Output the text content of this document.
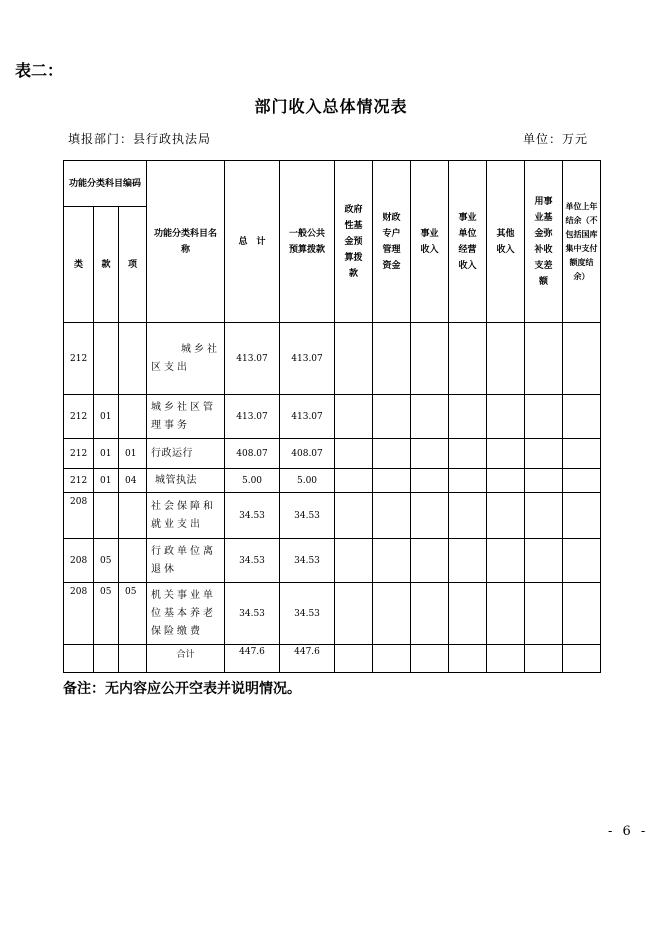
表二：
部门收入总体情况表
填报部门：县行政执法局	单位：万元
功能分类科目编码			功能分类科目名称	总　计	一般公共预算拨款	政府性基金预算拨款	财政专户管理资金	事业收入	事业单位经营收入	其他收入	用事业基金弥补收支差额	单位上年结余（不包括国库集中支付额度结余）
类	款	项										
212			城乡社区支出	413.07	413.07							
212	01		城乡社区管理事务	413.07	413.07							
212	01	01	行政运行	408.07	408.07							
212	01	04	城管执法	5.00	5.00							
208			社会保障和就业支出	34.53	34.53							
208	05		行政单位离退休	34.53	34.53							
208	05	05	机关事业单位基本养老保险缴费	34.53	34.53							
			合计	447.6	447.6							
备注：无内容应公开空表并说明情况。
- 6 -
